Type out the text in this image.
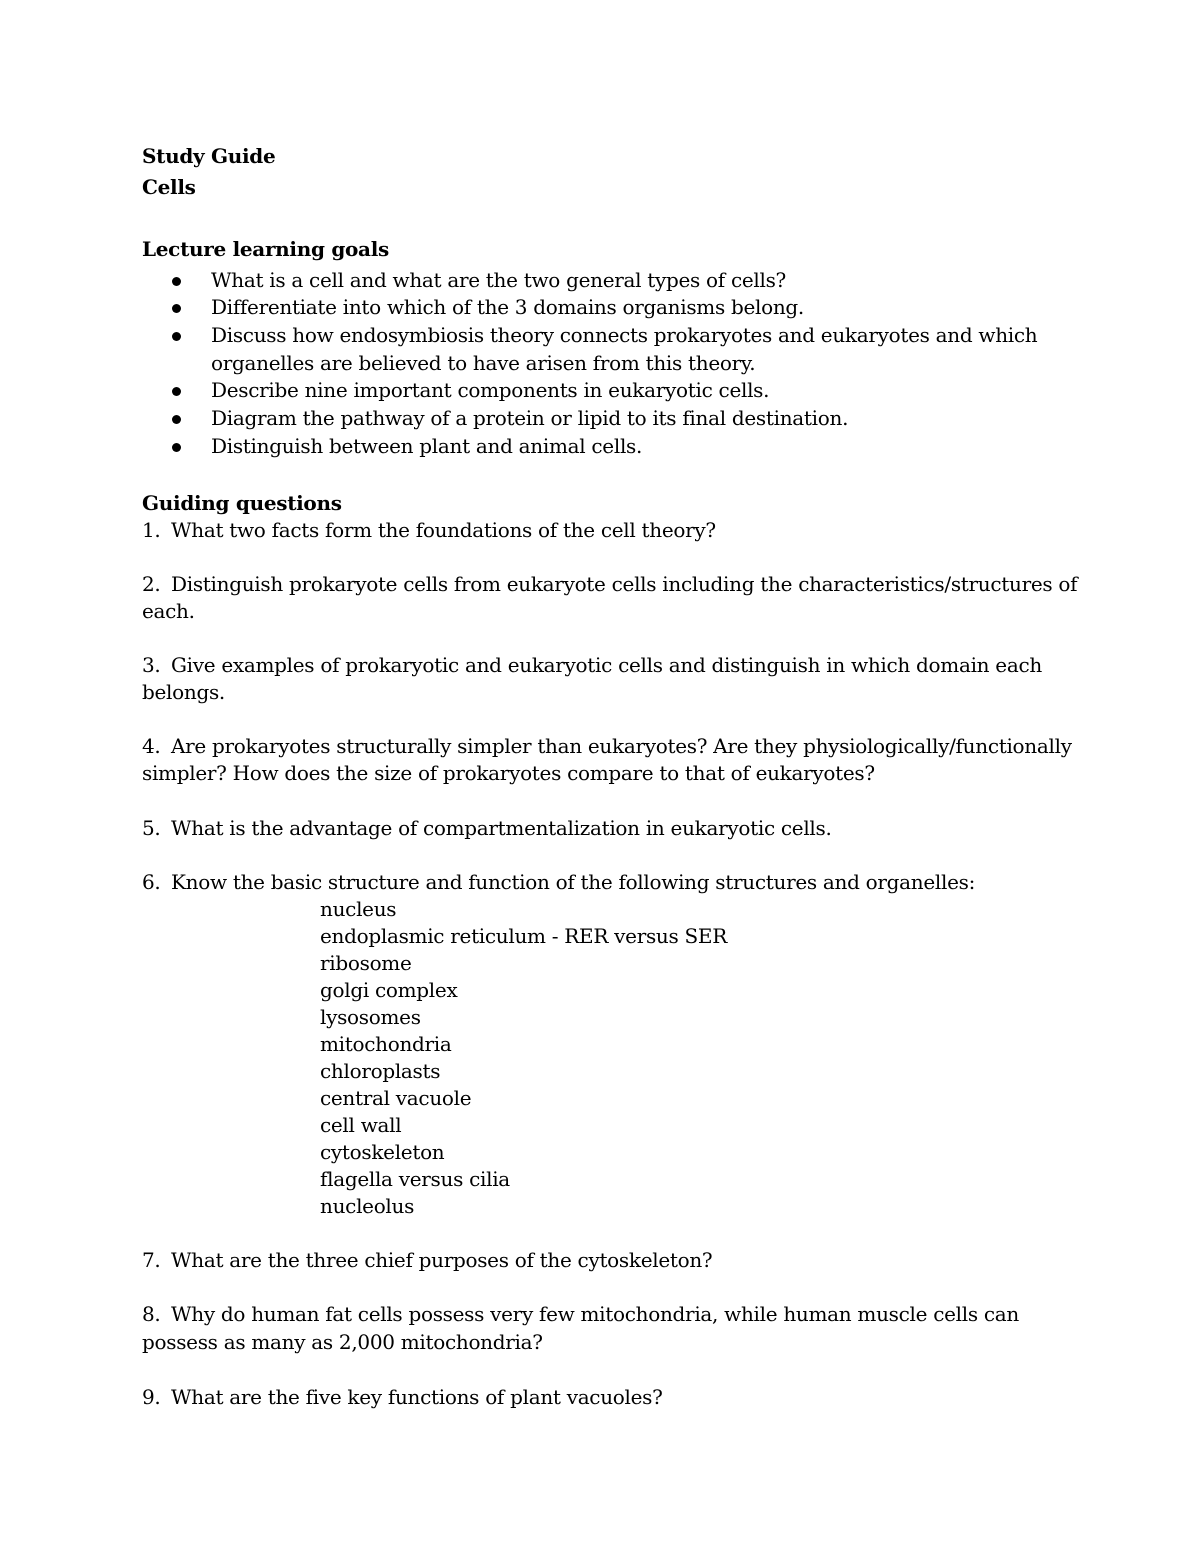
Study Guide
Cells
Lecture learning goals
What is a cell and what are the two general types of cells?
Differentiate into which of the 3 domains organisms belong.
Discuss how endosymbiosis theory connects prokaryotes and eukaryotes and which
organelles are believed to have arisen from this theory.
Describe nine important components in eukaryotic cells.
Diagram the pathway of a protein or lipid to its final destination.
Distinguish between plant and animal cells.
Guiding questions
1. What two facts form the foundations of the cell theory?
2. Distinguish prokaryote cells from eukaryote cells including the characteristics/structures of
each.
3. Give examples of prokaryotic and eukaryotic cells and distinguish in which domain each
belongs.
4. Are prokaryotes structurally simpler than eukaryotes? Are they physiologically/functionally
simpler? How does the size of prokaryotes compare to that of eukaryotes?
5. What is the advantage of compartmentalization in eukaryotic cells.
6. Know the basic structure and function of the following structures and organelles:
nucleus
endoplasmic reticulum - RER versus SER
ribosome
golgi complex
lysosomes
mitochondria
chloroplasts
central vacuole
cell wall
cytoskeleton
flagella versus cilia
nucleolus
7. What are the three chief purposes of the cytoskeleton?
8. Why do human fat cells possess very few mitochondria, while human muscle cells can
possess as many as 2,000 mitochondria?
9. What are the five key functions of plant vacuoles?
